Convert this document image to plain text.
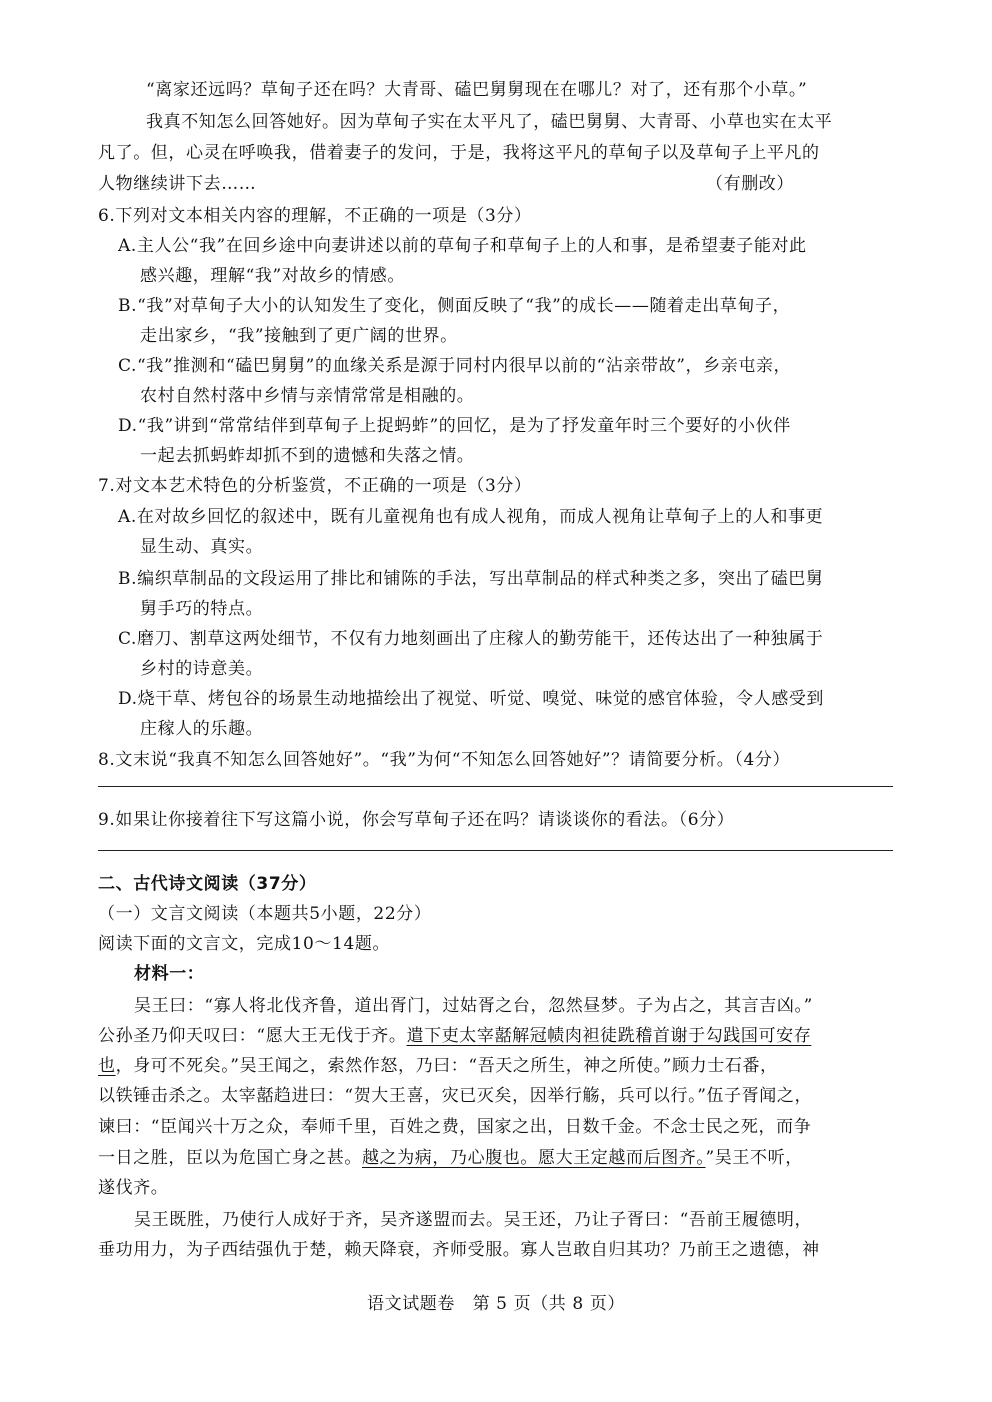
“离家还远吗？草甸子还在吗？大青哥、磕巴舅舅现在在哪儿？对了，还有那个小草。”
我真不知怎么回答她好。因为草甸子实在太平凡了，磕巴舅舅、大青哥、小草也实在太平
凡了。但，心灵在呼唤我，借着妻子的发问，于是，我将这平凡的草甸子以及草甸子上平凡的
人物继续讲下去……	（有删改）
6.下列对文本相关内容的理解，不正确的一项是（3分）
A.主人公“我”在回乡途中向妻讲述以前的草甸子和草甸子上的人和事，是希望妻子能对此
感兴趣，理解“我”对故乡的情感。
B.“我”对草甸子大小的认知发生了变化，侧面反映了“我”的成长——随着走出草甸子，
走出家乡，“我”接触到了更广阔的世界。
C.“我”推测和“磕巴舅舅”的血缘关系是源于同村内很早以前的“沾亲带故”，乡亲屯亲，
农村自然村落中乡情与亲情常常是相融的。
D.“我”讲到“常常结伴到草甸子上捉蚂蚱”的回忆，是为了抒发童年时三个要好的小伙伴
一起去抓蚂蚱却抓不到的遗憾和失落之情。
7.对文本艺术特色的分析鉴赏，不正确的一项是（3分）
A.在对故乡回忆的叙述中，既有儿童视角也有成人视角，而成人视角让草甸子上的人和事更
显生动、真实。
B.编织草制品的文段运用了排比和铺陈的手法，写出草制品的样式种类之多，突出了磕巴舅
舅手巧的特点。
C.磨刀、割草这两处细节，不仅有力地刻画出了庄稼人的勤劳能干，还传达出了一种独属于
乡村的诗意美。
D.烧干草、烤包谷的场景生动地描绘出了视觉、听觉、嗅觉、味觉的感官体验，令人感受到
庄稼人的乐趣。
8.文末说“我真不知怎么回答她好”。“我”为何“不知怎么回答她好”？请简要分析。（4分）
9.如果让你接着往下写这篇小说，你会写草甸子还在吗？请谈谈你的看法。（6分）
二、古代诗文阅读（37分）
（一）文言文阅读（本题共5小题，22分）
阅读下面的文言文，完成10～14题。
材料一：
吴王曰：“寡人将北伐齐鲁，道出胥门，过姑胥之台，忽然昼梦。子为占之，其言吉凶。”
公孙圣乃仰天叹曰：“愿大王无伐于齐。遣下吏太宰嚭解冠帻肉袒徒跣稽首谢于勾践国可安存
也，身可不死矣。”吴王闻之，索然作怒，乃曰：“吾天之所生，神之所使。”顾力士石番，
以铁锤击杀之。太宰嚭趋进曰：“贺大王喜，灾已灭矣，因举行觞，兵可以行。”伍子胥闻之，
谏曰：“臣闻兴十万之众，奉师千里，百姓之费，国家之出，日数千金。不念士民之死，而争
一日之胜，臣以为危国亡身之甚。越之为病，乃心腹也。愿大王定越而后图齐。”吴王不听，
遂伐齐。
吴王既胜，乃使行人成好于齐，吴齐遂盟而去。吴王还，乃让子胥曰：“吾前王履德明，
垂功用力，为子西结强仇于楚，赖天降衰，齐师受服。寡人岂敢自归其功？乃前王之遗德，神
语文试题卷　第 5 页（共 8 页）
